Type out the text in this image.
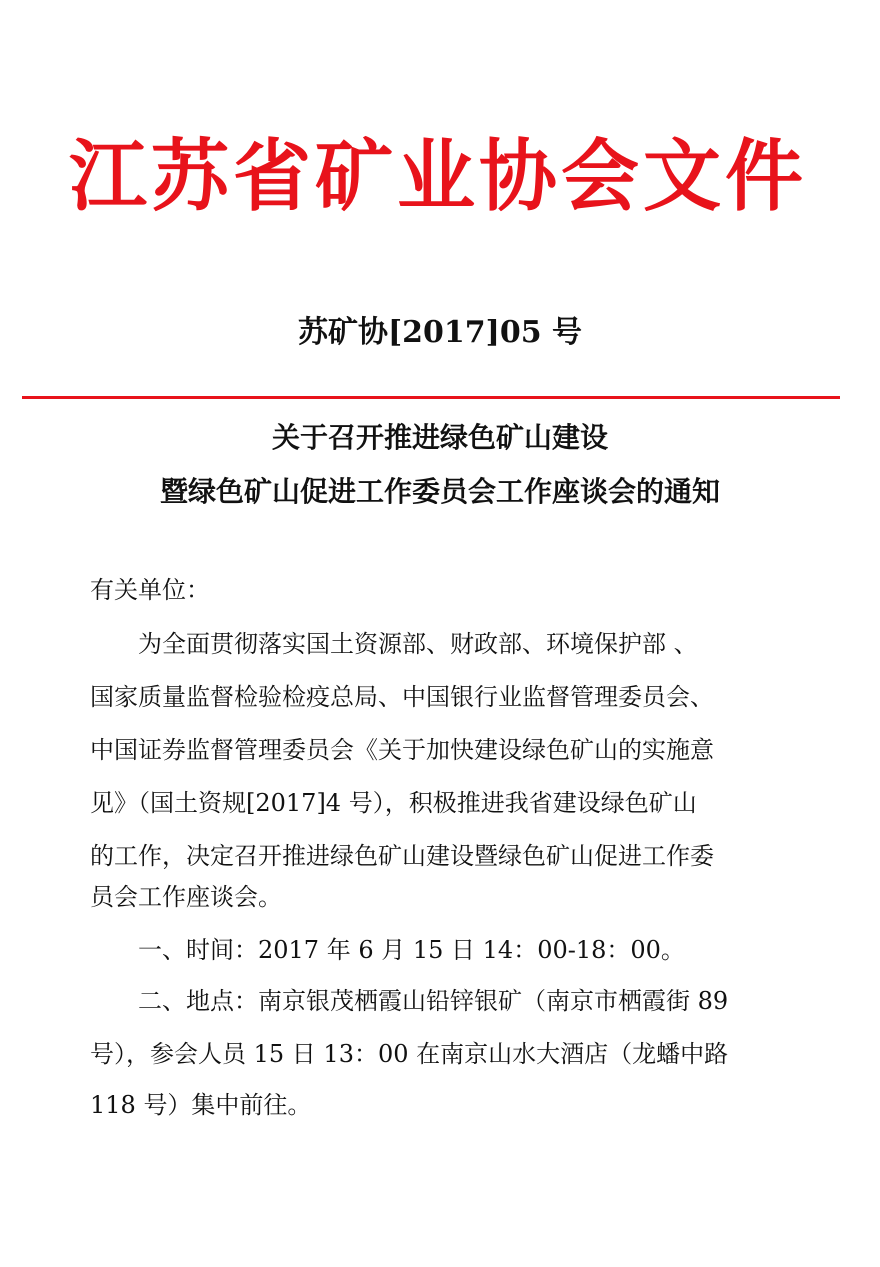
江苏省矿业协会文件
苏矿协[2017]05 号
关于召开推进绿色矿山建设
暨绿色矿山促进工作委员会工作座谈会的通知
有关单位：
　　为全面贯彻落实国土资源部、财政部、环境保护部 、
国家质量监督检验检疫总局、中国银行业监督管理委员会、
中国证券监督管理委员会《关于加快建设绿色矿山的实施意
见》（国土资规[2017]4 号），积极推进我省建设绿色矿山
的工作，决定召开推进绿色矿山建设暨绿色矿山促进工作委
员会工作座谈会。
　　一、时间：2017 年 6 月 15 日 14：00-18：00。
　　二、地点：南京银茂栖霞山铅锌银矿（南京市栖霞街 89
号），参会人员 15 日 13：00 在南京山水大酒店（龙蟠中路
118 号）集中前往。
